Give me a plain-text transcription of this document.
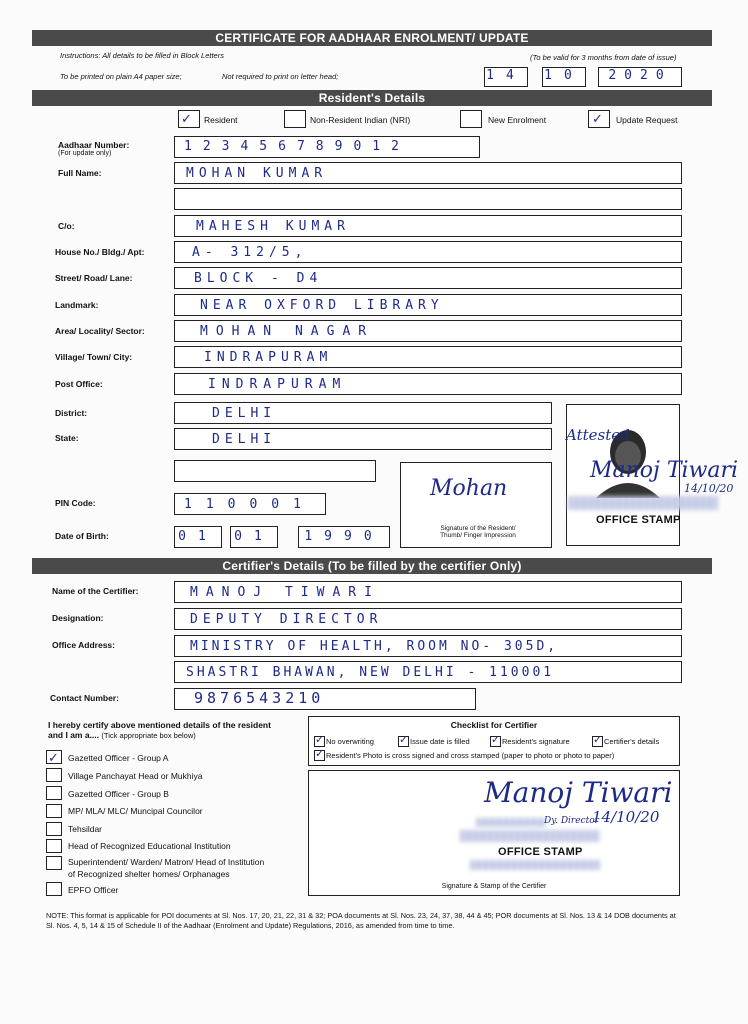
CERTIFICATE FOR AADHAAR ENROLMENT/ UPDATE
Instructions: All details to be filled in Block Letters	(To be valid for 3 months from date of issue)
To be printed on plain A4 paper size;	Not required to print on letter head;	14 10	2020
Resident's Details
✓ Resident	Non-Resident Indian (NRI)	New Enrolment	✓ Update Request
Aadhaar Number:
(For update only)	123456789012
Full Name:	MOHAN KUMAR
C/o:	MAHESH KUMAR
House No./ Bldg./ Apt:	A- 312/5,
Street/ Road/ Lane:	BLOCK - D4
Landmark:	NEAR OXFORD LIBRARY
Area/ Locality/ Sector:	MOHAN NAGAR
Village/ Town/ City:	INDRAPURAM
Post Office:	INDRAPURAM
District:	DELHI
State:	DELHI
PIN Code:	110001
Date of Birth:	01	01	1990
Mohan
Signature of the Resident/
Thumb/ Finger Impression
Attested
Manoj Tiwari
14/10/20
OFFICE STAMP
Certifier's Details (To be filled by the certifier Only)
Name of the Certifier:	MANOJ TIWARI
Designation:	DEPUTY DIRECTOR
Office Address:	MINISTRY OF HEALTH, ROOM NO- 305D,
SHASTRI BHAWAN, NEW DELHI - 110001
Contact Number:	9876543210
I hereby certify above mentioned details of the resident
and I am a.... (Tick appropriate box below)
✓ Gazetted Officer - Group A
Village Panchayat Head or Mukhiya
Gazetted Officer - Group B
MP/ MLA/ MLC/ Muncipal Councilor
Tehsildar
Head of Recognized Educational Institution
Superintendent/ Warden/ Matron/ Head of Institution
of Recognized shelter homes/ Orphanages
EPFO Officer
Checklist for Certifier
✓ No overwriting ✓ Issue date is filled ✓ Resident's signature ✓ Certifier's details
✓ Resident's Photo is cross signed and cross stamped (paper to photo or photo to paper)
Manoj Tiwari
Dy. Director
14/10/20
OFFICE STAMP
Signature & Stamp of the Certifier
NOTE: This format is applicable for POI documents at Sl. Nos. 17, 20, 21, 22, 31 & 32; POA documents at Sl. Nos. 23, 24, 37, 38, 44 & 45; POR documents at Sl. Nos. 13 & 14 DOB documents at Sl. Nos. 4, 5, 14 & 15 of Schedule II of the Aadhaar (Enrolment and Update) Regulations, 2016, as amended from time to time.
